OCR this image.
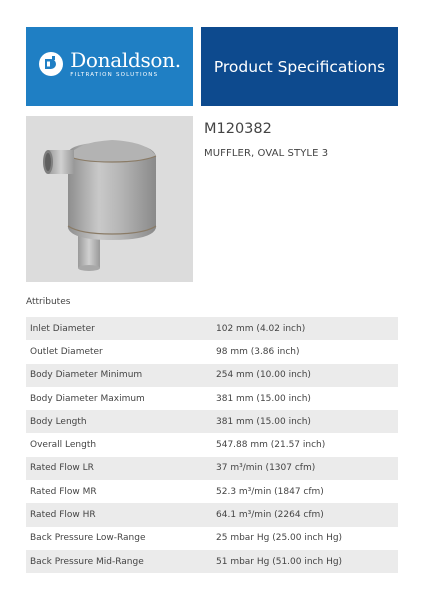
Donaldson.
FILTRATION SOLUTIONS	Product Specifications
M120382
MUFFLER, OVAL STYLE 3
Attributes
Inlet Diameter	102 mm (4.02 inch)
Outlet Diameter	98 mm (3.86 inch)
Body Diameter Minimum	254 mm (10.00 inch)
Body Diameter Maximum	381 mm (15.00 inch)
Body Length	381 mm (15.00 inch)
Overall Length	547.88 mm (21.57 inch)
Rated Flow LR	37 m³/min (1307 cfm)
Rated Flow MR	52.3 m³/min (1847 cfm)
Rated Flow HR	64.1 m³/min (2264 cfm)
Back Pressure Low-Range	25 mbar Hg (25.00 inch Hg)
Back Pressure Mid-Range	51 mbar Hg (51.00 inch Hg)
